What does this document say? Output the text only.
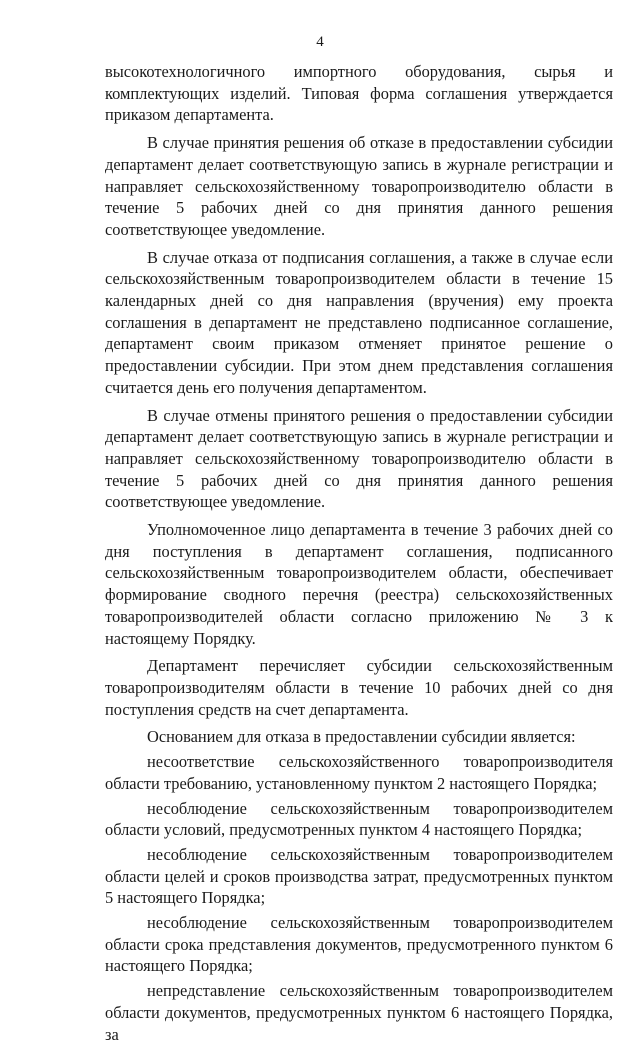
4

высокотехнологичного импортного оборудования, сырья и комплектующих изделий. Типовая форма соглашения утверждается приказом департамента.

В случае принятия решения об отказе в предоставлении субсидии департамент делает соответствующую запись в журнале регистрации и направляет сельскохозяйственному товаропроизводителю области в течение 5 рабочих дней со дня принятия данного решения соответствующее уведомление.

В случае отказа от подписания соглашения, а также в случае если сельскохозяйственным товаропроизводителем области в течение 15 календарных дней со дня направления (вручения) ему проекта соглашения в департамент не представлено подписанное соглашение, департамент своим приказом отменяет принятое решение о предоставлении субсидии. При этом днем представления соглашения считается день его получения департаментом.

В случае отмены принятого решения о предоставлении субсидии департамент делает соответствующую запись в журнале регистрации и направляет сельскохозяйственному товаропроизводителю области в течение 5 рабочих дней со дня принятия данного решения соответствующее уведомление.

Уполномоченное лицо департамента в течение 3 рабочих дней со дня поступления в департамент соглашения, подписанного сельскохозяйственным товаропроизводителем области, обеспечивает формирование сводного перечня (реестра) сельскохозяйственных товаропроизводителей области согласно приложению № 3 к настоящему Порядку.

Департамент перечисляет субсидии сельскохозяйственным товаропроизводителям области в течение 10 рабочих дней со дня поступления средств на счет департамента.

Основанием для отказа в предоставлении субсидии является:

несоответствие сельскохозяйственного товаропроизводителя области требованию, установленному пунктом 2 настоящего Порядка;

несоблюдение сельскохозяйственным товаропроизводителем области условий, предусмотренных пунктом 4 настоящего Порядка;

несоблюдение сельскохозяйственным товаропроизводителем области целей и сроков производства затрат, предусмотренных пунктом 5 настоящего Порядка;

несоблюдение сельскохозяйственным товаропроизводителем области срока представления документов, предусмотренного пунктом 6 настоящего Порядка;

непредставление сельскохозяйственным товаропроизводителем области документов, предусмотренных пунктом 6 настоящего Порядка, за
